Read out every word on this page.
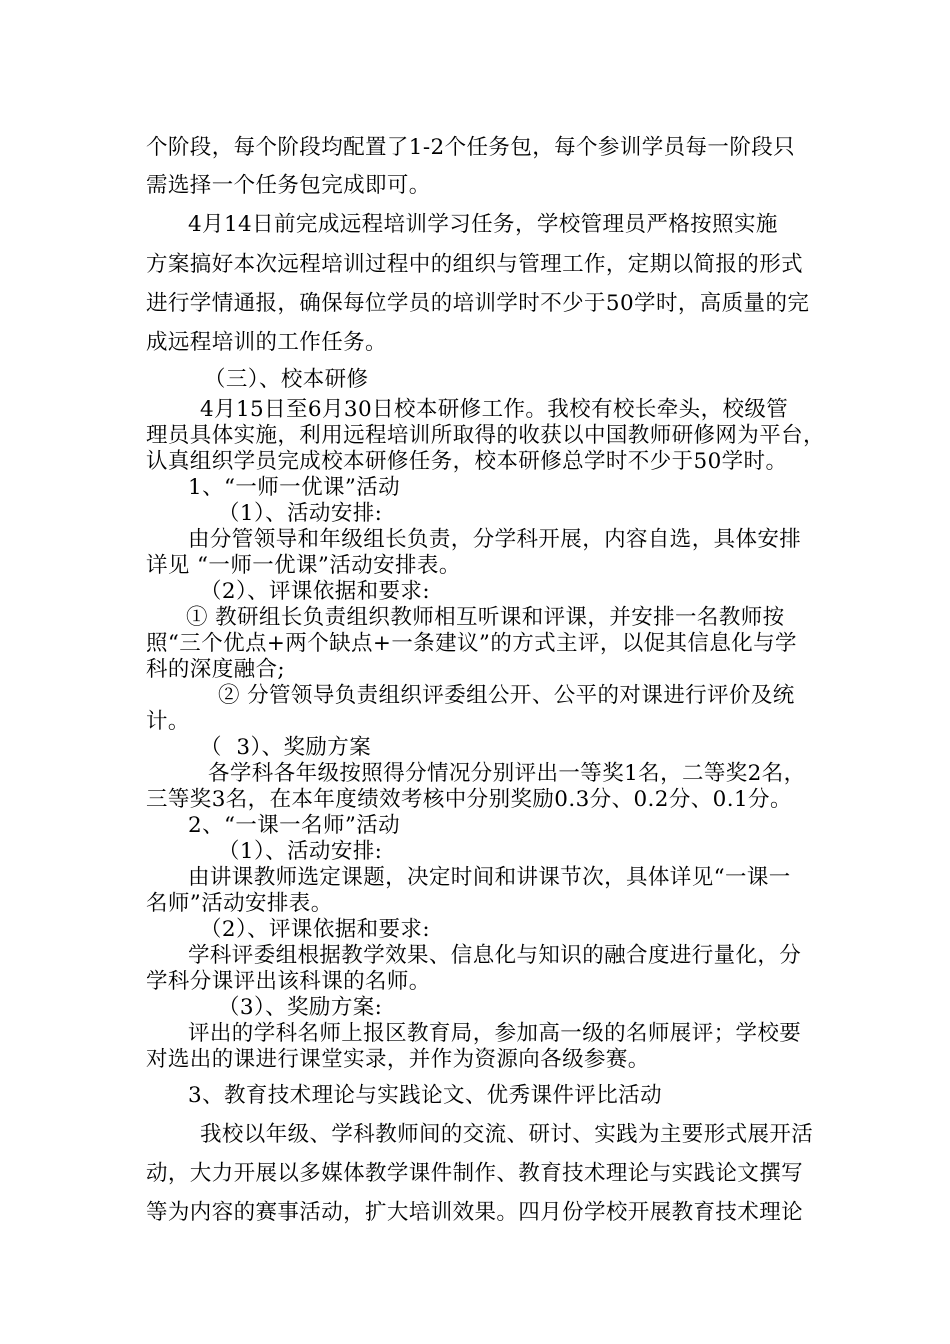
个阶段，每个阶段均配置了1-2个任务包，每个参训学员每一阶段只
需选择一个任务包完成即可。
4月14日前完成远程培训学习任务，学校管理员严格按照实施
方案搞好本次远程培训过程中的组织与管理工作，定期以简报的形式
进行学情通报，确保每位学员的培训学时不少于50学时，高质量的完
成远程培训的工作任务。
（三）、校本研修
4月15日至6月30日校本研修工作。我校有校长牵头，校级管
理员具体实施，利用远程培训所取得的收获以中国教师研修网为平台，
认真组织学员完成校本研修任务，校本研修总学时不少于50学时。
1、“一师一优课”活动
（1）、活动安排:
由分管领导和年级组长负责，分学科开展，内容自选，具体安排
详见 “一师一优课”活动安排表。
（2）、评课依据和要求:
① 教研组长负责组织教师相互听课和评课，并安排一名教师按
照“三个优点+两个缺点+一条建议”的方式主评，以促其信息化与学
科的深度融合;
② 分管领导负责组织评委组公开、公平的对课进行评价及统
计。
（  3）、奖励方案
各学科各年级按照得分情况分别评出一等奖1名，二等奖2名，
三等奖3名，在本年度绩效考核中分别奖励0.3分、0.2分、0.1分。
2、“一课一名师”活动
（1）、活动安排:
由讲课教师选定课题，决定时间和讲课节次，具体详见“一课一
名师”活动安排表。
（2）、评课依据和要求:
学科评委组根据教学效果、信息化与知识的融合度进行量化，分
学科分课评出该科课的名师。
（3）、奖励方案:
评出的学科名师上报区教育局，参加高一级的名师展评；学校要
对选出的课进行课堂实录，并作为资源向各级参赛。
3、教育技术理论与实践论文、优秀课件评比活动
我校以年级、学科教师间的交流、研讨、实践为主要形式展开活
动，大力开展以多媒体教学课件制作、教育技术理论与实践论文撰写
等为内容的赛事活动，扩大培训效果。四月份学校开展教育技术理论
